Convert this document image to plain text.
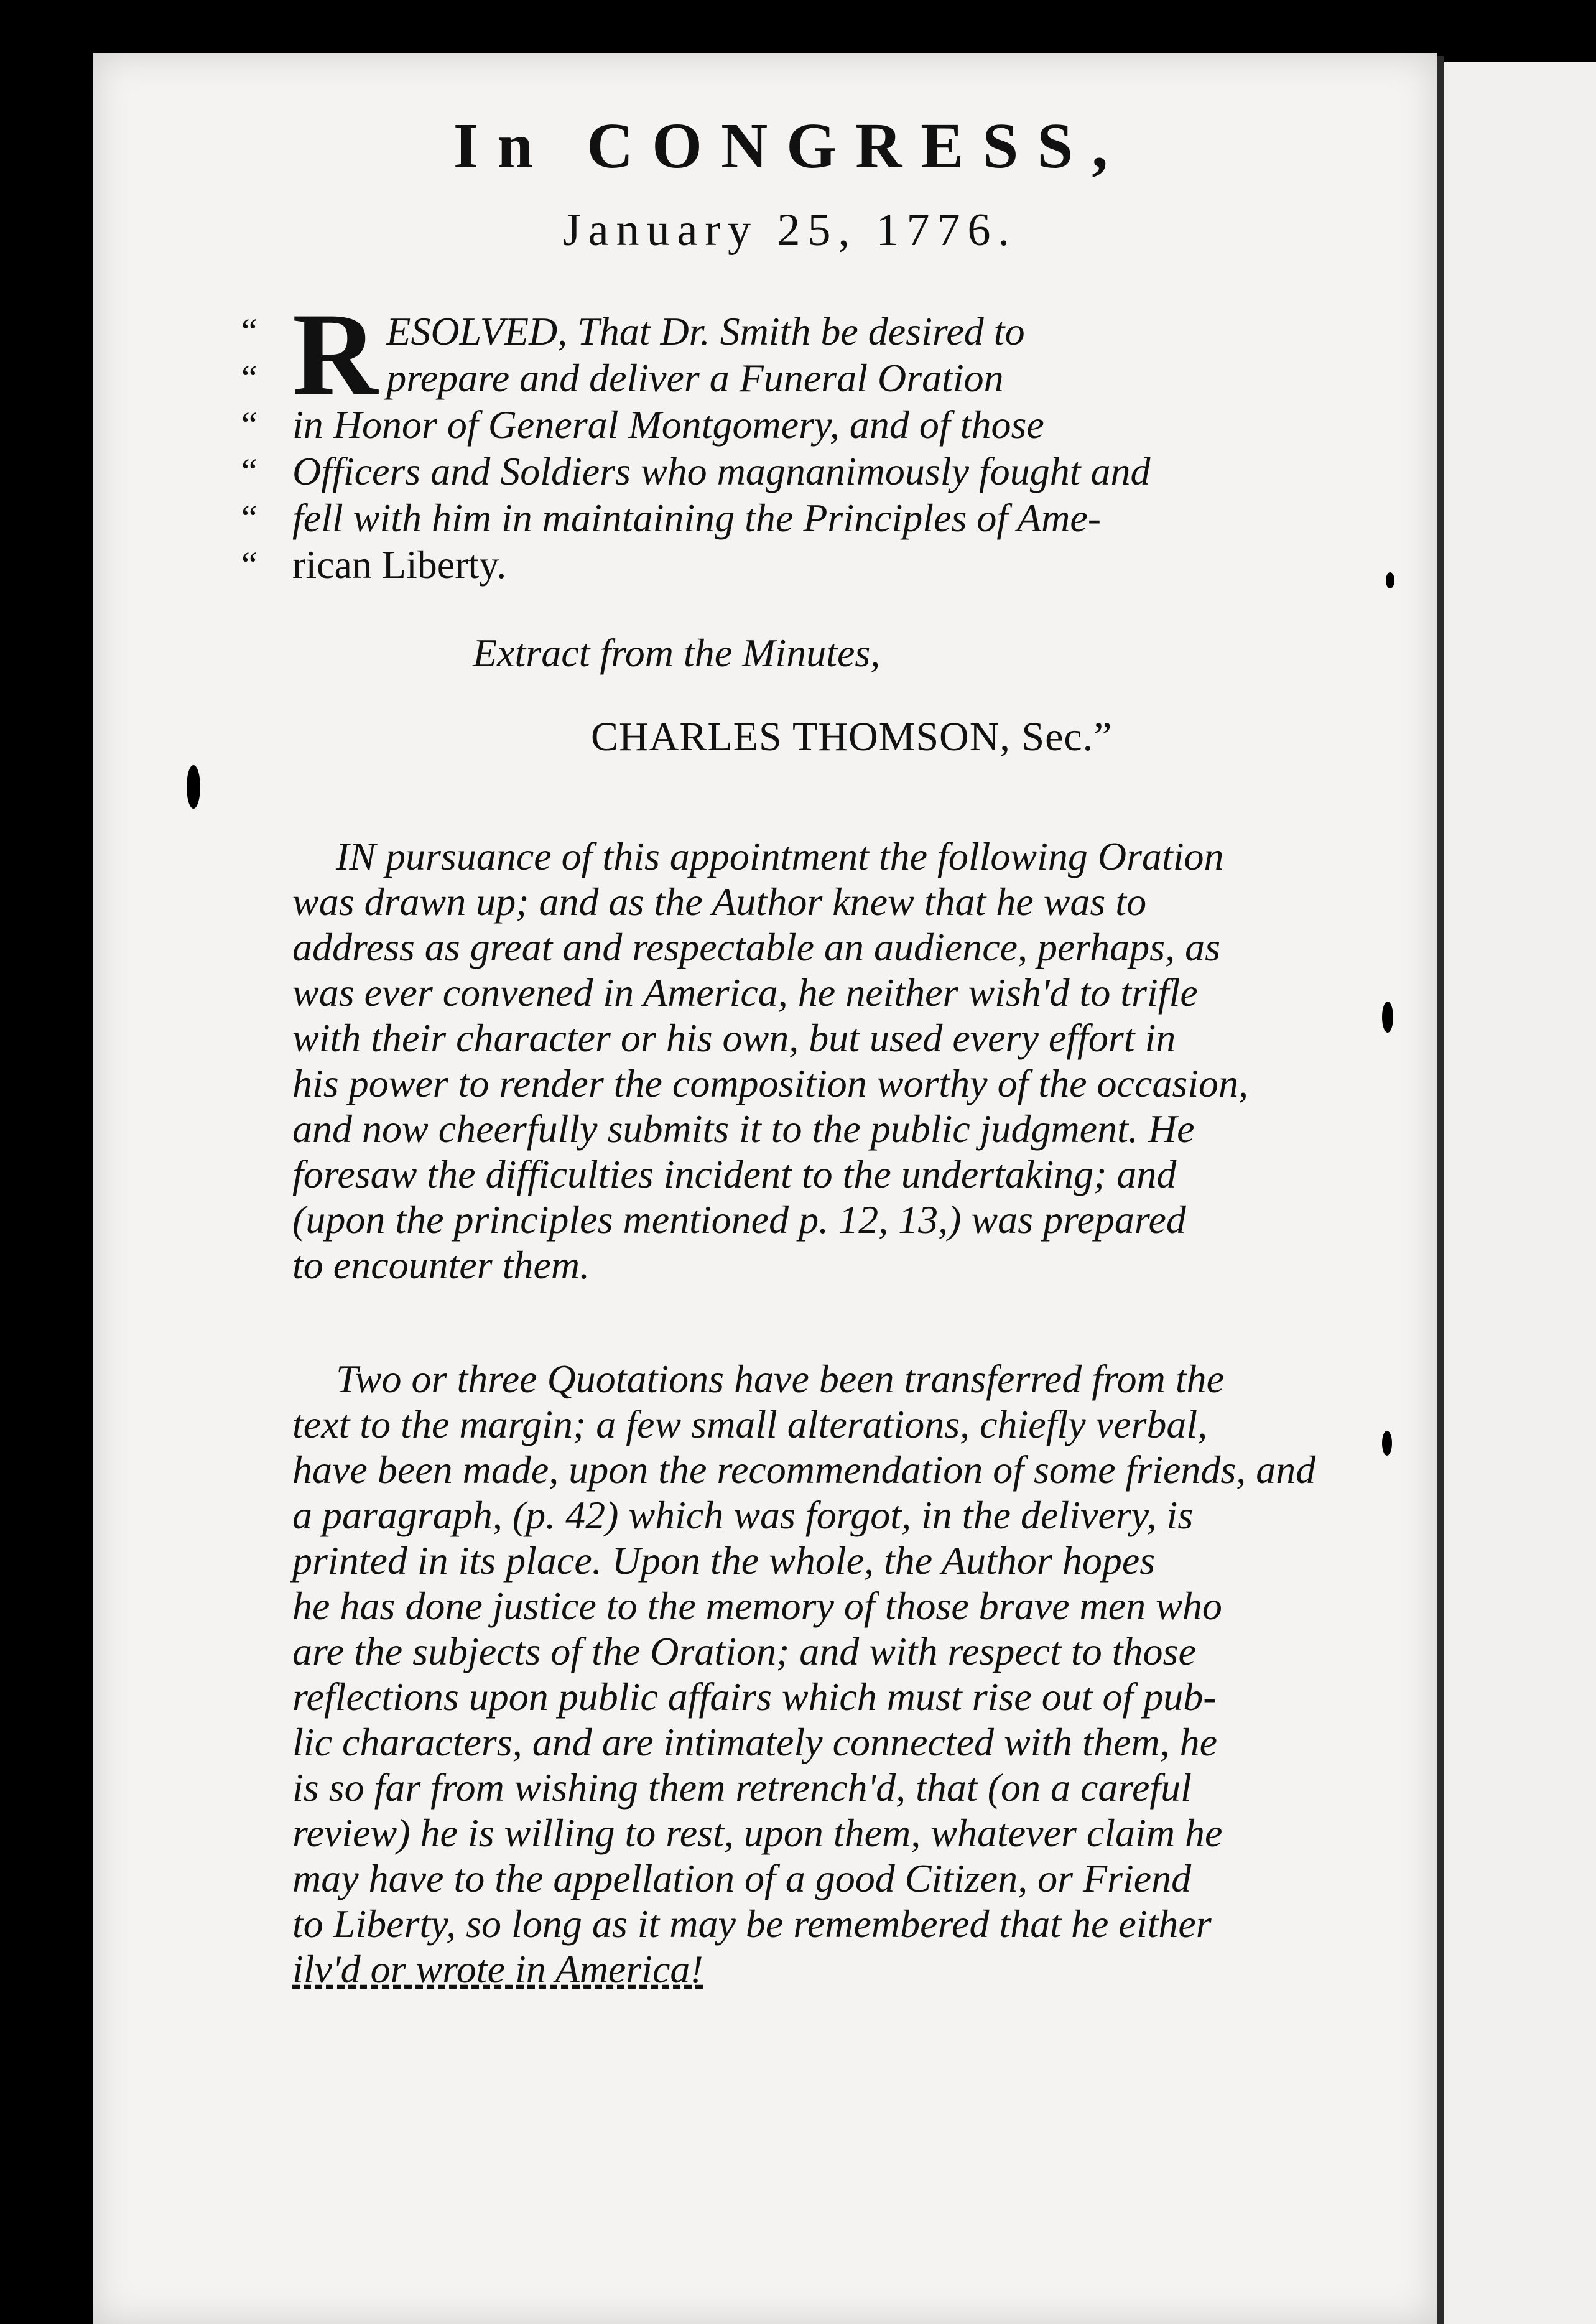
In CONGRESS,
January 25, 1776.
“
“
“
“
“
“
R ESOLVED, That Dr. Smith be desired to
prepare and deliver a Funeral Oration
in Honor of General Montgomery, and of those
Officers and Soldiers who magnanimously fought and
fell with him in maintaining the Principles of Ame-
rican Liberty.
Extract from the Minutes,
CHARLES THOMSON, Sec.”
IN pursuance of this appointment the following Oration
was drawn up; and as the Author knew that he was to
address as great and respectable an audience, perhaps, as
was ever convened in America, he neither wish'd to trifle
with their character or his own, but used every effort in
his power to render the composition worthy of the occasion,
and now cheerfully submits it to the public judgment. He
foresaw the difficulties incident to the undertaking; and
(upon the principles mentioned p. 12, 13,) was prepared
to encounter them.
Two or three Quotations have been transferred from the
text to the margin; a few small alterations, chiefly verbal,
have been made, upon the recommendation of some friends, and
a paragraph, (p. 42) which was forgot, in the delivery, is
printed in its place. Upon the whole, the Author hopes
he has done justice to the memory of those brave men who
are the subjects of the Oration; and with respect to those
reflections upon public affairs which must rise out of pub-
lic characters, and are intimately connected with them, he
is so far from wishing them retrench'd, that (on a careful
review) he is willing to rest, upon them, whatever claim he
may have to the appellation of a good Citizen, or Friend
to Liberty, so long as it may be remembered that he either
ilv'd or wrote in America!
